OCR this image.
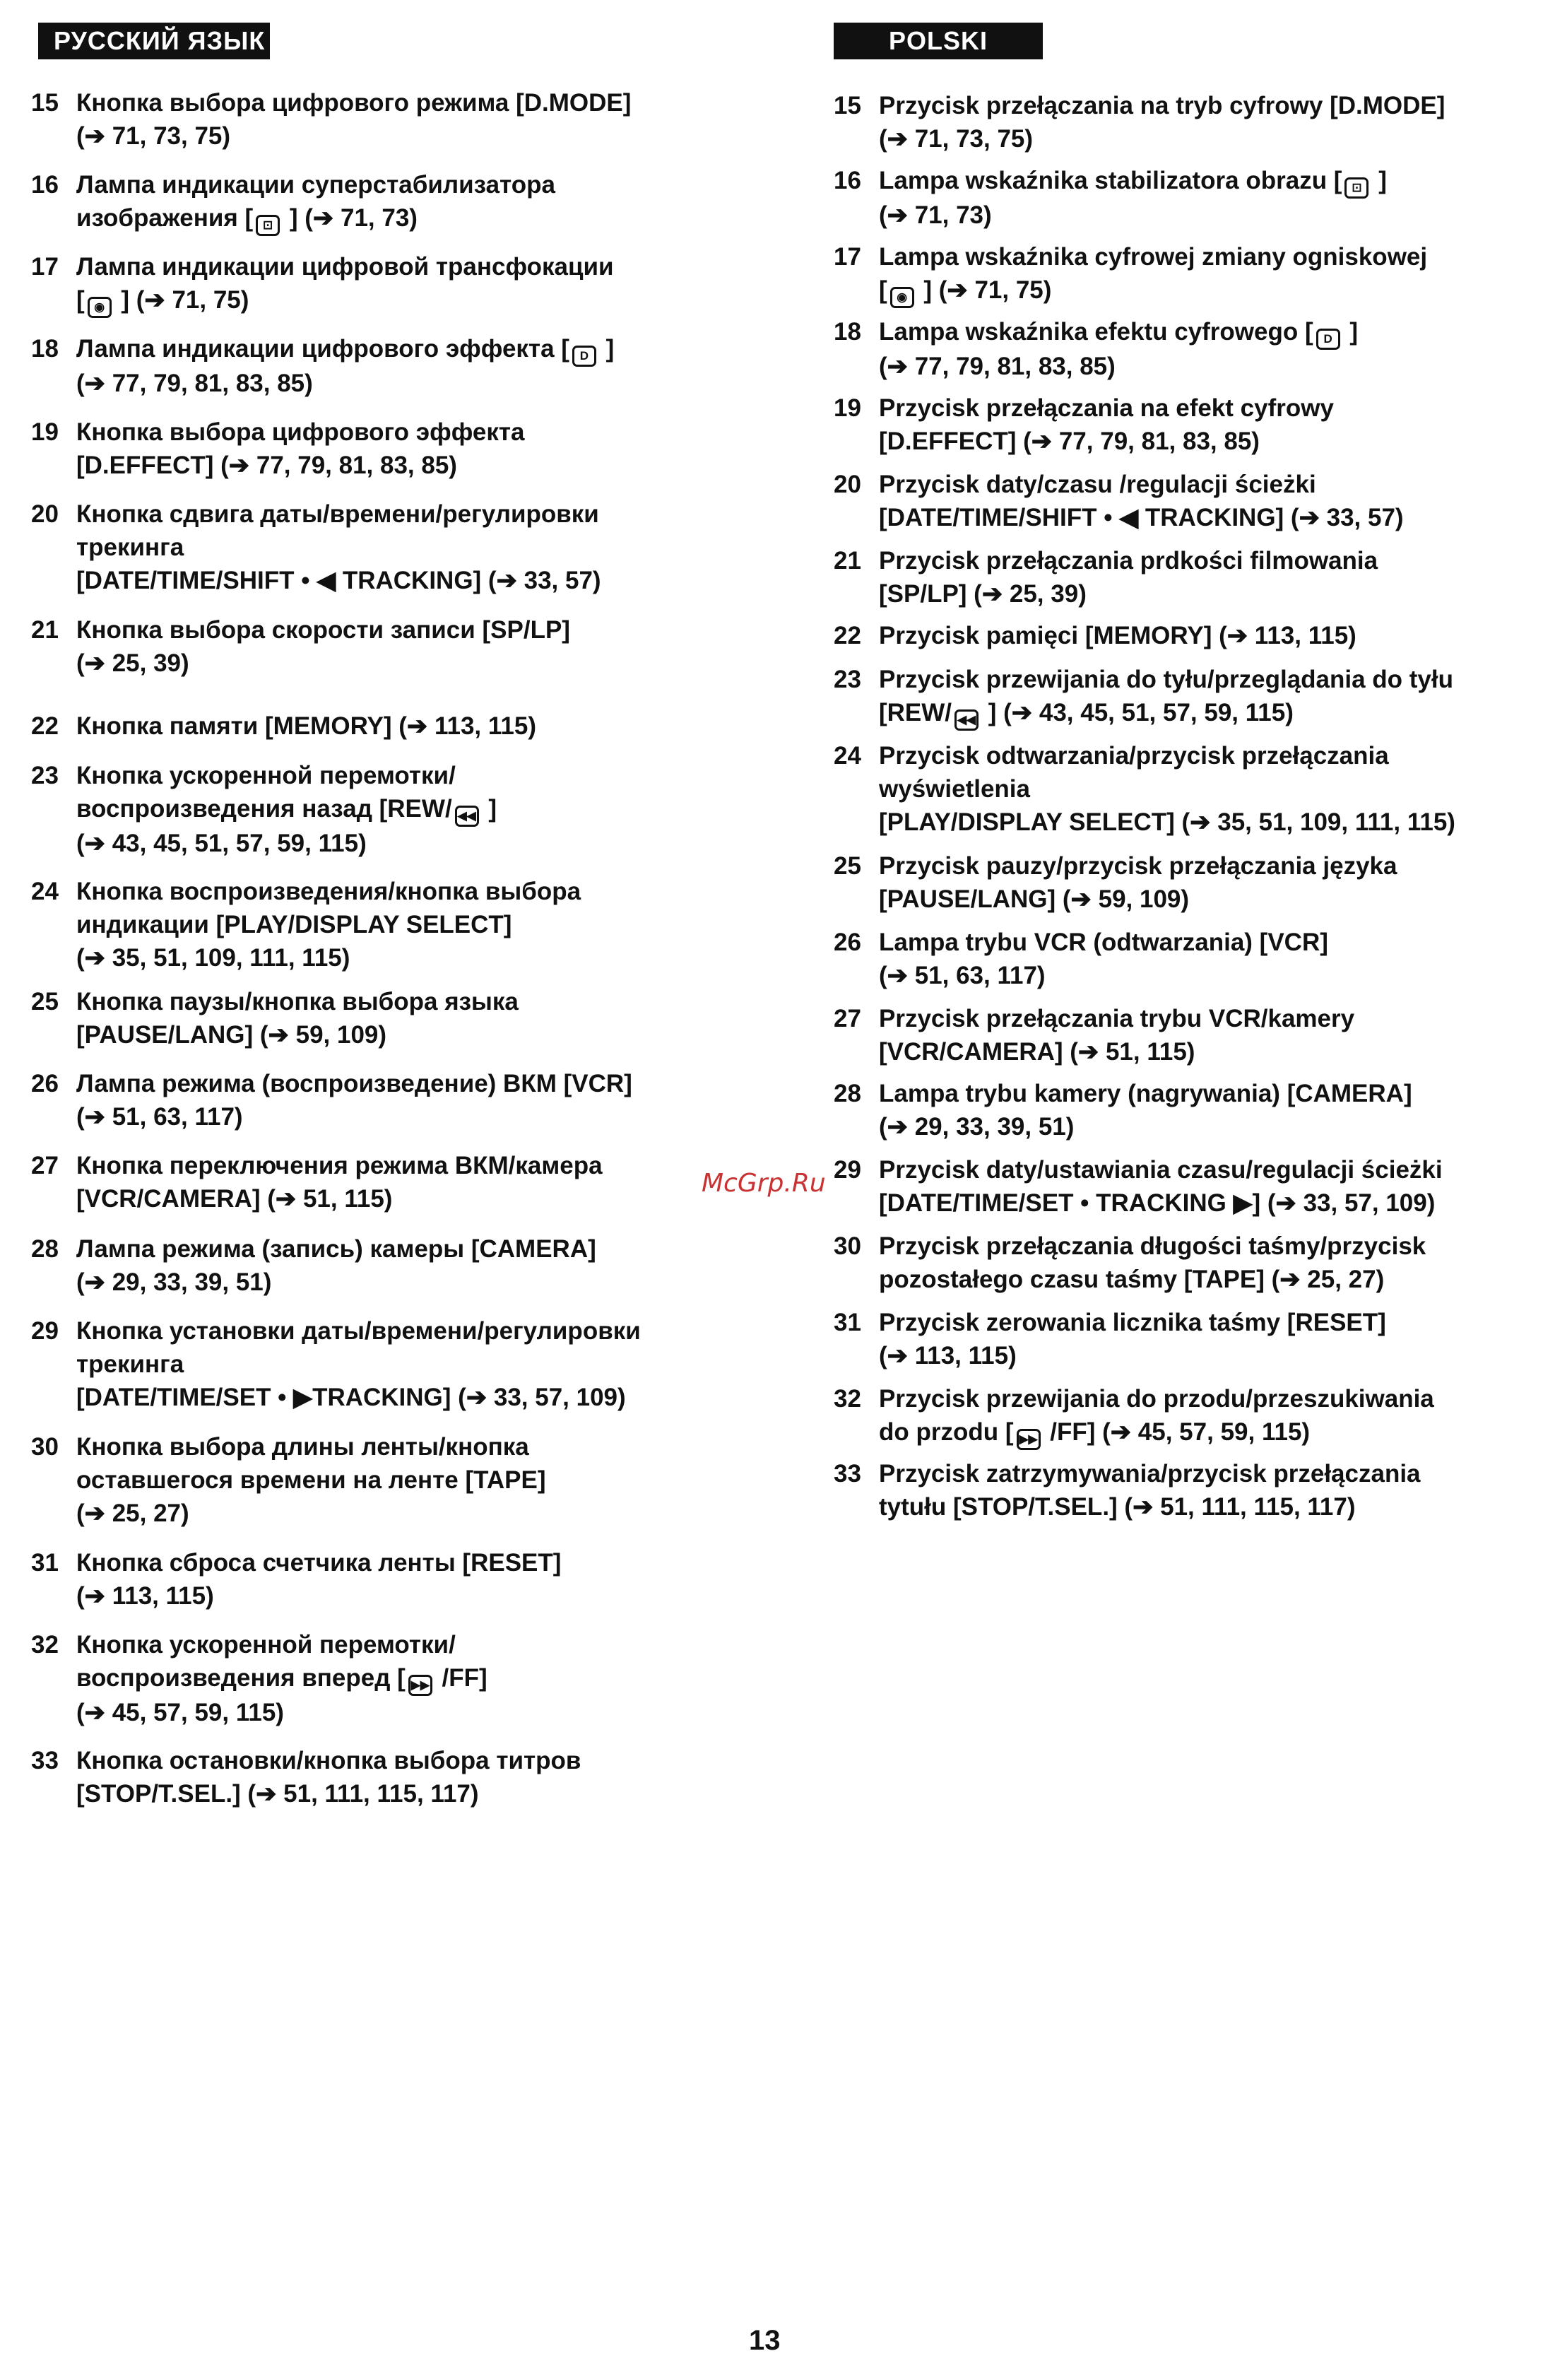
РУССКИЙ ЯЗЫК
15 Кнопка выбора цифрового режима [D.MODE]
(➔ 71, 73, 75)
16 Лампа индикации суперстабилизатора
изображения [ ⊡ ] (➔ 71, 73)
17 Лампа индикации цифровой трансфокации
[ ◉ ] (➔ 71, 75)
18 Лампа индикации цифрового эффекта [ D ]
(➔ 77, 79, 81, 83, 85)
19 Кнопка выбора цифрового эффекта
[D.EFFECT] (➔ 77, 79, 81, 83, 85)
20 Кнопка сдвига даты/времени/регулировки
трекинга
[DATE/TIME/SHIFT • ◀ TRACKING] (➔ 33, 57)
21 Кнопка выбора скорости записи [SP/LP]
(➔ 25, 39)
22 Кнопка памяти [MEMORY] (➔ 113, 115)
23 Кнопка ускоренной перемотки/
воспроизведения назад [REW/ ◀◀ ]
(➔ 43, 45, 51, 57, 59, 115)
24 Кнопка воспроизведения/кнопка выбора
индикации [PLAY/DISPLAY SELECT]
(➔ 35, 51, 109, 111, 115)
25 Кнопка паузы/кнопка выбора языка
[PAUSE/LANG] (➔ 59, 109)
26 Лампа режима (воспроизведение) ВКМ [VCR]
(➔ 51, 63, 117)
27 Кнопка переключения режима ВКМ/камера
[VCR/CAMERA] (➔ 51, 115)
28 Лампа режима (запись) камеры [CAMERA]
(➔ 29, 33, 39, 51)
29 Кнопка установки даты/времени/регулировки
трекинга
[DATE/TIME/SET • ▶TRACKING] (➔ 33, 57, 109)
30 Кнопка выбора длины ленты/кнопка
оставшегося времени на ленте [TAPE]
(➔ 25, 27)
31 Кнопка сброса счетчика ленты [RESET]
(➔ 113, 115)
32 Кнопка ускоренной перемотки/
воспроизведения вперед [ ▶▶ /FF]
(➔ 45, 57, 59, 115)
33 Кнопка остановки/кнопка выбора титров
[STOP/T.SEL.] (➔ 51, 111, 115, 117)
POLSKI
15 Przycisk przełączania na tryb cyfrowy [D.MODE]
(➔ 71, 73, 75)
16 Lampa wskaźnika stabilizatora obrazu [ ⊡ ]
(➔ 71, 73)
17 Lampa wskaźnika cyfrowej zmiany ogniskowej
[ ◉ ] (➔ 71, 75)
18 Lampa wskaźnika efektu cyfrowego [ D ]
(➔ 77, 79, 81, 83, 85)
19 Przycisk przełączania na efekt cyfrowy
[D.EFFECT] (➔ 77, 79, 81, 83, 85)
20 Przycisk daty/czasu /regulacji ścieżki
[DATE/TIME/SHIFT • ◀ TRACKING] (➔ 33, 57)
21 Przycisk przełączania prdkości filmowania
[SP/LP] (➔ 25, 39)
22 Przycisk pamięci [MEMORY] (➔ 113, 115)
23 Przycisk przewijania do tyłu/przeglądania do tyłu
[REW/ ◀◀ ] (➔ 43, 45, 51, 57, 59, 115)
24 Przycisk odtwarzania/przycisk przełączania
wyświetlenia
[PLAY/DISPLAY SELECT] (➔ 35, 51, 109, 111, 115)
25 Przycisk pauzy/przycisk przełączania języka
[PAUSE/LANG] (➔ 59, 109)
26 Lampa trybu VCR (odtwarzania) [VCR]
(➔ 51, 63, 117)
27 Przycisk przełączania trybu VCR/kamery
[VCR/CAMERA] (➔ 51, 115)
28 Lampa trybu kamery (nagrywania) [CAMERA]
(➔ 29, 33, 39, 51)
29 Przycisk daty/ustawiania czasu/regulacji ścieżki
[DATE/TIME/SET • TRACKING ▶] (➔ 33, 57, 109)
30 Przycisk przełączania długości taśmy/przycisk
pozostałego czasu taśmy [TAPE] (➔ 25, 27)
31 Przycisk zerowania licznika taśmy [RESET]
(➔ 113, 115)
32 Przycisk przewijania do przodu/przeszukiwania
do przodu [ ▶▶ /FF] (➔ 45, 57, 59, 115)
33 Przycisk zatrzymywania/przycisk przełączania
tytułu [STOP/T.SEL.] (➔ 51, 111, 115, 117)
McGrp.Ru
13
